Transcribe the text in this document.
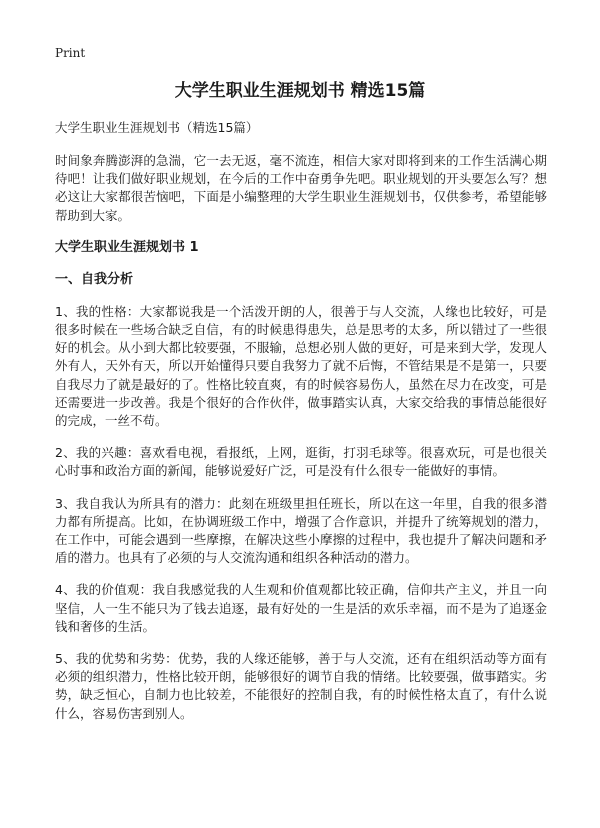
Print
大学生职业生涯规划书 精选15篇
大学生职业生涯规划书（精选15篇）

时间象奔腾澎湃的急湍，它一去无返，毫不流连，相信大家对即将到来的工作生活满心期待吧！让我们做好职业规划，在今后的工作中奋勇争先吧。职业规划的开头要怎么写？想必这让大家都很苦恼吧，下面是小编整理的大学生职业生涯规划书，仅供参考，希望能够帮助到大家。

大学生职业生涯规划书 1
一、自我分析

1、我的性格：大家都说我是一个活泼开朗的人，很善于与人交流，人缘也比较好，可是很多时候在一些场合缺乏自信，有的时候患得患失，总是思考的太多，所以错过了一些很好的机会。从小到大都比较要强，不服输，总想必别人做的更好，可是来到大学，发现人外有人，天外有天，所以开始懂得只要自我努力了就不后悔，不管结果是不是第一，只要自我尽力了就是最好的了。性格比较直爽，有的时候容易伤人，虽然在尽力在改变，可是还需要进一步改善。我是个很好的合作伙伴，做事踏实认真，大家交给我的事情总能很好的完成，一丝不苟。

2、我的兴趣：喜欢看电视，看报纸，上网，逛街，打羽毛球等。很喜欢玩，可是也很关心时事和政治方面的新闻，能够说爱好广泛，可是没有什么很专一能做好的事情。

3、我自我认为所具有的潜力：此刻在班级里担任班长，所以在这一年里，自我的很多潜力都有所提高。比如，在协调班级工作中，增强了合作意识，并提升了统筹规划的潜力，在工作中，可能会遇到一些摩擦，在解决这些小摩擦的过程中，我也提升了解决问题和矛盾的潜力。也具有了必须的与人交流沟通和组织各种活动的潜力。

4、我的价值观：我自我感觉我的人生观和价值观都比较正确，信仰共产主义，并且一向坚信，人一生不能只为了钱去追逐，最有好处的一生是活的欢乐幸福，而不是为了追逐金钱和奢侈的生活。

5、我的优势和劣势：优势，我的人缘还能够，善于与人交流，还有在组织活动等方面有必须的组织潜力，性格比较开朗，能够很好的调节自我的情绪。比较要强，做事踏实。劣势，缺乏恒心，自制力也比较差，不能很好的控制自我，有的时候性格太直了，有什么说什么，容易伤害到别人。
